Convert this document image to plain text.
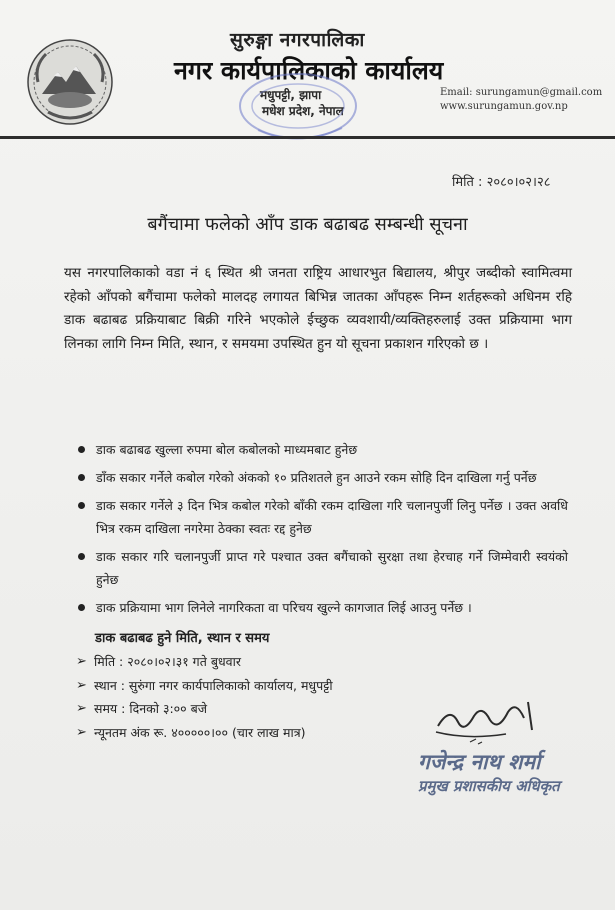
सुरुङ्गा नगरपालिका
नगर कार्यपालिकाको कार्यालय
मधुपट्टी, झापा
मधेश प्रदेश, नेपाल
Email: surungamun@gmail.com
www.surungamun.gov.np
मिति : २०८०।०२।२८
बगैंचामा फलेको आँप डाक बढाबढ सम्बन्धी सूचना
यस नगरपालिकाको वडा नं ६ स्थित श्री जनता राष्ट्रिय आधारभुत बिद्यालय, श्रीपुर जब्दीको स्वामित्वमा रहेको आँपको बगैंचामा फलेको मालदह लगायत बिभिन्न जातका आँपहरू निम्न शर्तहरूको अधिनम रहि डाक बढाबढ प्रक्रियाबाट बिक्री गरिने भएकोले ईच्छुक व्यवशायी/व्यक्तिहरुलाई उक्त प्रक्रियामा भाग लिनका लागि निम्न मिति, स्थान, र समयमा उपस्थित हुन यो सूचना प्रकाशन गरिएको छ ।
डाक बढाबढ खुल्ला रुपमा बोल कबोलको माध्यमबाट हुनेछ
डाँक सकार गर्नेले कबोल गरेको अंकको १० प्रतिशतले हुन आउने रकम सोहि दिन दाखिला गर्नु पर्नेछ
डाक सकार गर्नेले ३ दिन भित्र कबोल गरेको बाँकी रकम दाखिला गरि चलानपुर्जी लिनु पर्नेछ । उक्त अवधि भित्र रकम दाखिला नगरेमा ठेक्का स्वतः रद्द हुनेछ
डाक सकार गरि चलानपुर्जी प्राप्त गरे पश्चात उक्त बगैंचाको सुरक्षा तथा हेरचाह गर्ने जिम्मेवारी स्वयंको हुनेछ
डाक प्रक्रियामा भाग लिनेले नागरिकता वा परिचय खुल्ने कागजात लिई आउनु पर्नेछ ।
डाक बढाबढ हुने मिति, स्थान र समय
➢ मिति : २०८०।०२।३१ गते बुधवार
➢ स्थान : सुरुंगा नगर कार्यपालिकाको कार्यालय, मधुपट्टी
➢ समय : दिनको ३:०० बजे
➢ न्यूनतम अंक रू. ४०००००।०० (चार लाख मात्र)
गजेन्द्र नाथ शर्मा
प्रमुख प्रशासकीय अधिकृत
